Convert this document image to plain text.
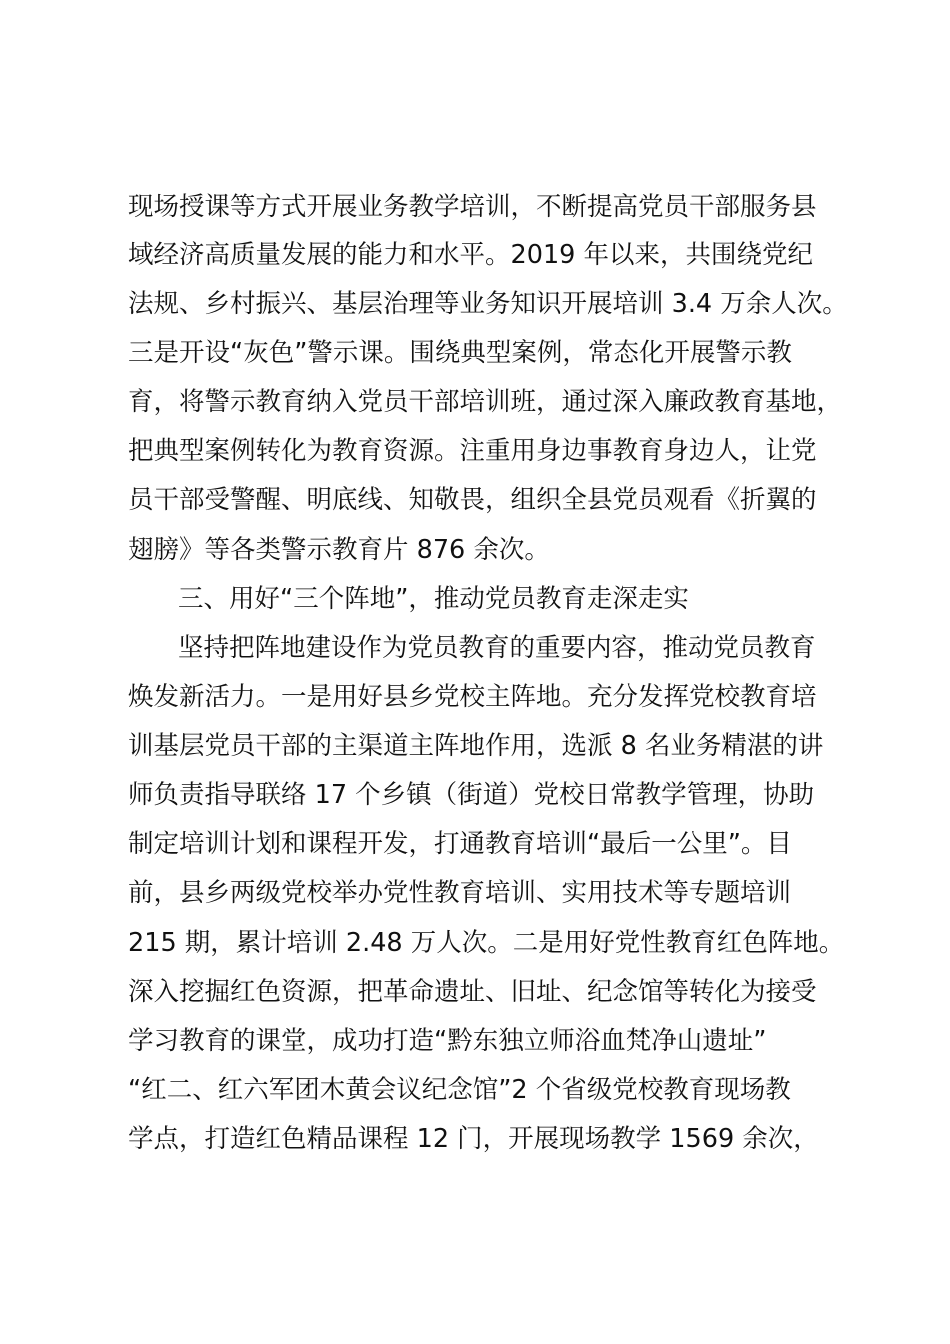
现场授课等方式开展业务教学培训，不断提高党员干部服务县
域经济高质量发展的能力和水平。2019 年以来，共围绕党纪
法规、乡村振兴、基层治理等业务知识开展培训 3.4 万余人次。
三是开设“灰色”警示课。围绕典型案例，常态化开展警示教
育，将警示教育纳入党员干部培训班，通过深入廉政教育基地，
把典型案例转化为教育资源。注重用身边事教育身边人，让党
员干部受警醒、明底线、知敬畏，组织全县党员观看《折翼的
翅膀》等各类警示教育片 876 余次。
三、用好“三个阵地”，推动党员教育走深走实
坚持把阵地建设作为党员教育的重要内容，推动党员教育
焕发新活力。一是用好县乡党校主阵地。充分发挥党校教育培
训基层党员干部的主渠道主阵地作用，选派 8 名业务精湛的讲
师负责指导联络 17 个乡镇（街道）党校日常教学管理，协助
制定培训计划和课程开发，打通教育培训“最后一公里”。目
前，县乡两级党校举办党性教育培训、实用技术等专题培训
215 期，累计培训 2.48 万人次。二是用好党性教育红色阵地。
深入挖掘红色资源，把革命遗址、旧址、纪念馆等转化为接受
学习教育的课堂，成功打造“黔东独立师浴血梵净山遗址”
“红二、红六军团木黄会议纪念馆”2 个省级党校教育现场教
学点，打造红色精品课程 12 门，开展现场教学 1569 余次，
